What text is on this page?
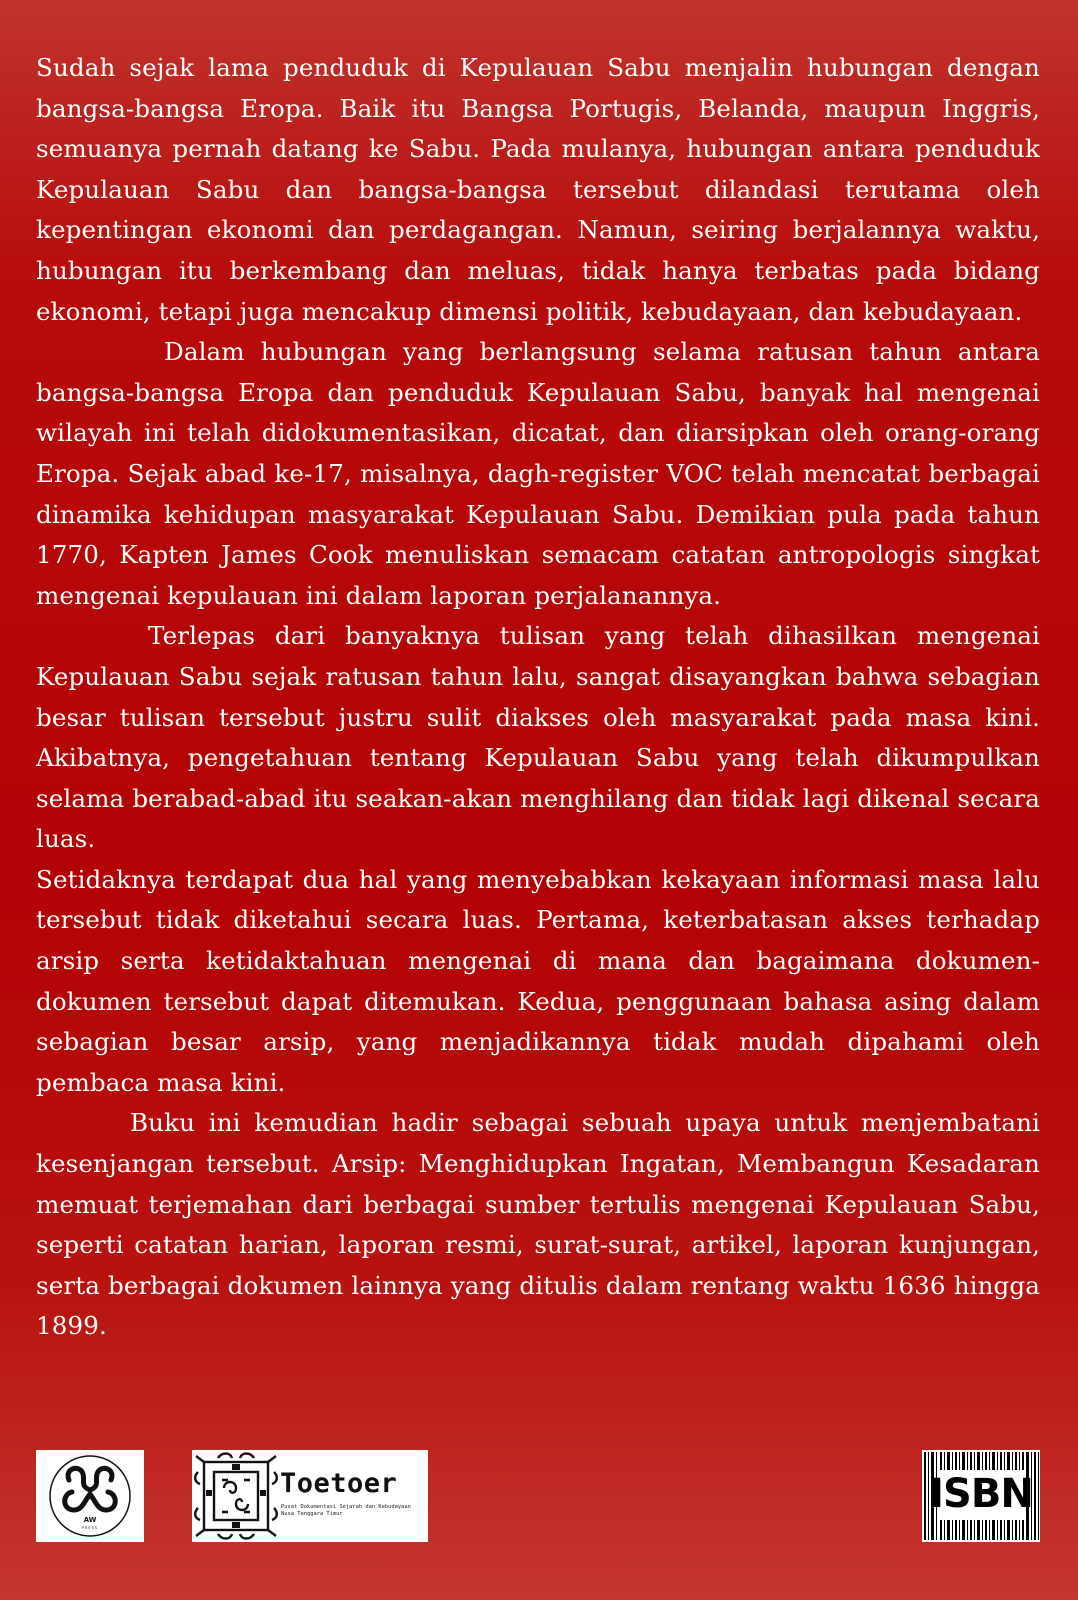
Sudah sejak lama penduduk di Kepulauan Sabu menjalin hubungan dengan bangsa-bangsa Eropa. Baik itu Bangsa Portugis, Belanda, maupun Inggris, semuanya pernah datang ke Sabu. Pada mulanya, hubungan antara penduduk Kepulauan Sabu dan bangsa-bangsa tersebut dilandasi terutama oleh kepentingan ekonomi dan perdagangan. Namun, seiring berjalannya waktu, hubungan itu berkembang dan meluas, tidak hanya terbatas pada bidang ekonomi, tetapi juga mencakup dimensi politik, kebudayaan, dan kebudayaan.

Dalam hubungan yang berlangsung selama ratusan tahun antara bangsa-bangsa Eropa dan penduduk Kepulauan Sabu, banyak hal mengenai wilayah ini telah didokumentasikan, dicatat, dan diarsipkan oleh orang-orang Eropa. Sejak abad ke-17, misalnya, dagh-register VOC telah mencatat berbagai dinamika kehidupan masyarakat Kepulauan Sabu. Demikian pula pada tahun 1770, Kapten James Cook menuliskan semacam catatan antropologis singkat mengenai kepulauan ini dalam laporan perjalanannya.

Terlepas dari banyaknya tulisan yang telah dihasilkan mengenai Kepulauan Sabu sejak ratusan tahun lalu, sangat disayangkan bahwa sebagian besar tulisan tersebut justru sulit diakses oleh masyarakat pada masa kini. Akibatnya, pengetahuan tentang Kepulauan Sabu yang telah dikumpulkan selama berabad-abad itu seakan-akan menghilang dan tidak lagi dikenal secara luas.

Setidaknya terdapat dua hal yang menyebabkan kekayaan informasi masa lalu tersebut tidak diketahui secara luas. Pertama, keterbatasan akses terhadap arsip serta ketidaktahuan mengenai di mana dan bagaimana dokumen-dokumen tersebut dapat ditemukan. Kedua, penggunaan bahasa asing dalam sebagian besar arsip, yang menjadikannya tidak mudah dipahami oleh pembaca masa kini.

Buku ini kemudian hadir sebagai sebuah upaya untuk menjembatani kesenjangan tersebut. Arsip: Menghidupkan Ingatan, Membangun Kesadaran memuat terjemahan dari berbagai sumber tertulis mengenai Kepulauan Sabu, seperti catatan harian, laporan resmi, surat-surat, artikel, laporan kunjungan, serta berbagai dokumen lainnya yang ditulis dalam rentang waktu 1636 hingga 1899.

AW
PRESS
Toetoer
Pusat Dokumentasi Sejarah dan Kebudayaan
Nusa Tenggara Timur	ISBN
